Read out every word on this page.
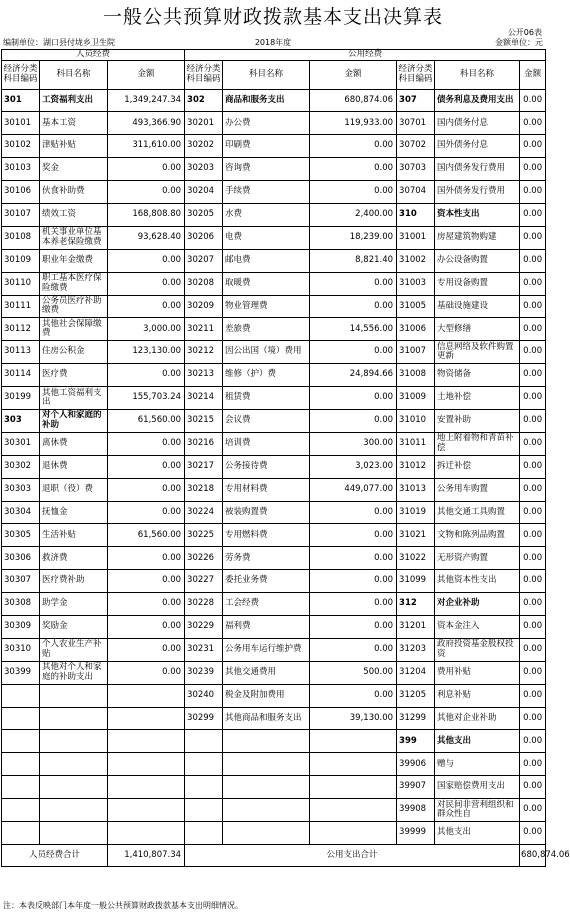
一般公共预算财政拨款基本支出决算表
公开06表
编制单位：湖口县付垅乡卫生院	2018年度	金额单位：元
人员经费			公用经费					
经济分类科目编码	科目名称	金额	经济分类科目编码	科目名称	金额	经济分类科目编码	科目名称	金额
301	工资福利支出	1,349,247.34	302	商品和服务支出	680,874.06	307	债务利息及费用支出	0.00
30101	基本工资	493,366.90	30201	办公费	119,933.00	30701	国内债务付息	0.00
30102	津贴补贴	311,610.00	30202	印刷费	0.00	30702	国外债务付息	0.00
30103	奖金	0.00	30203	咨询费	0.00	30703	国内债务发行费用	0.00
30106	伙食补助费	0.00	30204	手续费	0.00	30704	国外债务发行费用	0.00
30107	绩效工资	168,808.80	30205	水费	2,400.00	310	资本性支出	0.00
30108	机关事业单位基本养老保险缴费	93,628.40	30206	电费	18,239.00	31001	房屋建筑物购建	0.00
30109	职业年金缴费	0.00	30207	邮电费	8,821.40	31002	办公设备购置	0.00
30110	职工基本医疗保险缴费	0.00	30208	取暖费	0.00	31003	专用设备购置	0.00
30111	公务员医疗补助缴费	0.00	30209	物业管理费	0.00	31005	基础设施建设	0.00
30112	其他社会保障缴费	3,000.00	30211	差旅费	14,556.00	31006	大型修缮	0.00
30113	住房公积金	123,130.00	30212	因公出国（境）费用	0.00	31007	信息网络及软件购置更新	0.00
30114	医疗费	0.00	30213	维修（护）费	24,894.66	31008	物资储备	0.00
30199	其他工资福利支出	155,703.24	30214	租赁费	0.00	31009	土地补偿	0.00
303	对个人和家庭的补助	61,560.00	30215	会议费	0.00	31010	安置补助	0.00
30301	离休费	0.00	30216	培训费	300.00	31011	地上附着物和青苗补偿	0.00
30302	退休费	0.00	30217	公务接待费	3,023.00	31012	拆迁补偿	0.00
30303	退职（役）费	0.00	30218	专用材料费	449,077.00	31013	公务用车购置	0.00
30304	抚恤金	0.00	30224	被装购置费	0.00	31019	其他交通工具购置	0.00
30305	生活补贴	61,560.00	30225	专用燃料费	0.00	31021	文物和陈列品购置	0.00
30306	救济费	0.00	30226	劳务费	0.00	31022	无形资产购置	0.00
30307	医疗费补助	0.00	30227	委托业务费	0.00	31099	其他资本性支出	0.00
30308	助学金	0.00	30228	工会经费	0.00	312	对企业补助	0.00
30309	奖励金	0.00	30229	福利费	0.00	31201	资本金注入	0.00
30310	个人农业生产补贴	0.00	30231	公务用车运行维护费	0.00	31203	政府投资基金股权投资	0.00
30399	其他对个人和家庭的补助支出	0.00	30239	其他交通费用	500.00	31204	费用补贴	0.00
			30240	税金及附加费用	0.00	31205	利息补贴	0.00
			30299	其他商品和服务支出	39,130.00	31299	其他对企业补助	0.00
						399	其他支出	0.00
						39906	赠与	0.00
						39907	国家赔偿费用支出	0.00
						39908	对民间非营利组织和群众性自	0.00
						39999	其他支出	0.00
人员经费合计		1,410,807.34	公用支出合计					680,874.06
注：本表反映部门本年度一般公共预算财政拨款基本支出明细情况。
